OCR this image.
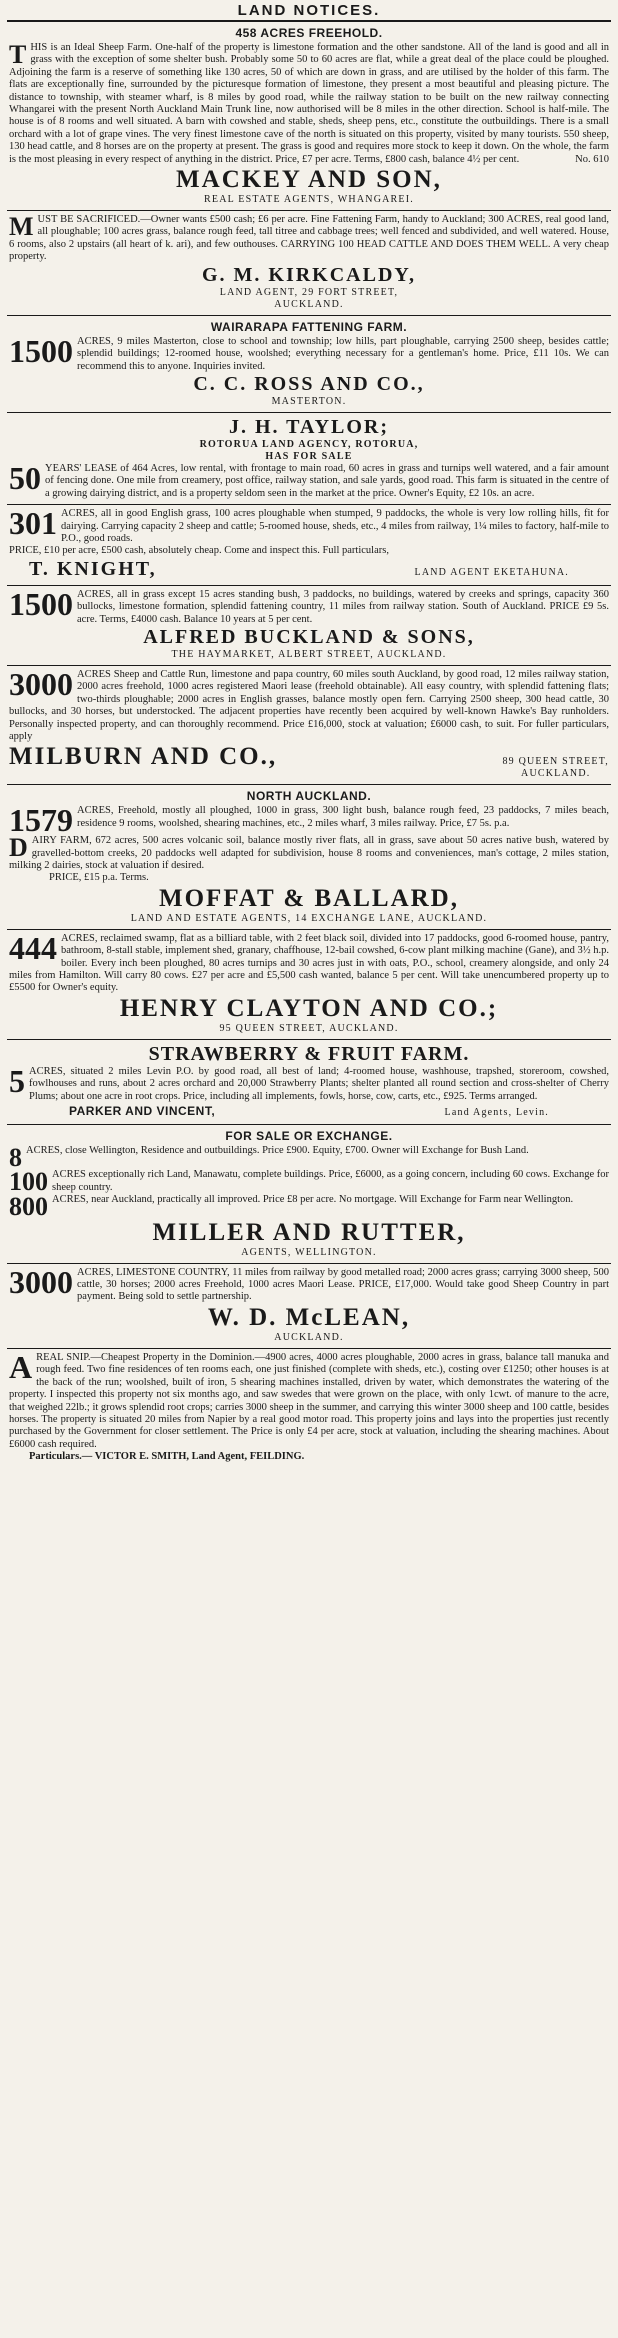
LAND NOTICES.
458 ACRES FREEHOLD.
T HIS is an Ideal Sheep Farm. One-half of the property is limestone formation and the other sandstone. All of the land is good and all in grass with the exception of some shelter bush. Probably some 50 to 60 acres are flat, while a great deal of the place could be ploughed. Adjoining the farm is a reserve of something like 130 acres, 50 of which are down in grass, and are utilised by the holder of this farm. The flats are exceptionally fine, surrounded by the picturesque formation of limestone, they present a most beautiful and pleasing picture. The distance to township, with steamer wharf, is 8 miles by good road, while the railway station to be built on the new railway connecting Whangarei with the present North Auckland Main Trunk line, now authorised will be 8 miles in the other direction. School is half-mile. The house is of 8 rooms and well situated. A barn with cowshed and stable, sheds, sheep pens, etc., constitute the outbuildings. There is a small orchard with a lot of grape vines. The very finest limestone cave of the north is situated on this property, visited by many tourists. 550 sheep, 130 head cattle, and 8 horses are on the property at present. The grass is good and requires more stock to keep it down. On the whole, the farm is the most pleasing in every respect of anything in the district. Price, £7 per acre. Terms, £800 cash, balance 4½ per cent.	No. 610
MACKEY AND SON,
REAL ESTATE AGENTS, WHANGAREI.
M UST BE SACRIFICED.—Owner wants £500 cash; £6 per acre. Fine Fattening Farm, handy to Auckland; 300 ACRES, real good land, all ploughable; 100 acres grass, balance rough feed, tall titree and cabbage trees; well fenced and subdivided, and well watered. House, 6 rooms, also 2 upstairs (all heart of k. ari), and few outhouses. CARRYING 100 HEAD CATTLE AND DOES THEM WELL. A very cheap property.
G. M. KIRKCALDY,
LAND AGENT, 29 FORT STREET,
AUCKLAND.
WAIRARAPA FATTENING FARM.
1500 ACRES, 9 miles Masterton, close to school and township; low hills, part ploughable, carrying 2500 sheep, besides cattle; splendid buildings; 12-roomed house, woolshed; everything necessary for a gentleman's home. Price, £11 10s. We can recommend this to anyone. Inquiries invited.
C. C. ROSS AND CO.,
MASTERTON.
J. H. TAYLOR;
ROTORUA LAND AGENCY, ROTORUA,
HAS FOR SALE
50 YEARS' LEASE of 464 Acres, low rental, with frontage to main road, 60 acres in grass and turnips well watered, and a fair amount of fencing done. One mile from creamery, post office, railway station, and sale yards, good road. This farm is situated in the centre of a growing dairying district, and is a property seldom seen in the market at the price. Owner's Equity, £2 10s. an acre.
301 ACRES, all in good English grass, 100 acres ploughable when stumped, 9 paddocks, the whole is very low rolling hills, fit for dairying. Carrying capacity 2 sheep and cattle; 5-roomed house, sheds, etc., 4 miles from railway, 1¼ miles to factory, half-mile to P.O., good roads.

PRICE, £10 per acre, £500 cash, absolutely cheap. Come and inspect this. Full particulars,

T. KNIGHT,	LAND AGENT EKETAHUNA.
1500 ACRES, all in grass except 15 acres standing bush, 3 paddocks, no buildings, watered by creeks and springs, capacity 360 bullocks, limestone formation, splendid fattening country, 11 miles from railway station. South of Auckland. PRICE £9 5s. acre. Terms, £4000 cash. Balance 10 years at 5 per cent.
ALFRED BUCKLAND & SONS,
THE HAYMARKET, ALBERT STREET, AUCKLAND.
3000 ACRES Sheep and Cattle Run, limestone and papa country, 60 miles south Auckland, by good road, 12 miles railway station, 2000 acres freehold, 1000 acres registered Maori lease (freehold obtainable). All easy country, with splendid fattening flats; two-thirds ploughable; 2000 acres in English grasses, balance mostly open fern. Carrying 2500 sheep, 300 head cattle, 30 bullocks, and 30 horses, but understocked. The adjacent properties have recently been acquired by well-known Hawke's Bay runholders. Personally inspected property, and can thoroughly recommend. Price £16,000, stock at valuation; £6000 cash, to suit. For fuller particulars, apply
MILBURN AND CO.,	89 QUEEN STREET,
AUCKLAND.
NORTH AUCKLAND.
1579 ACRES, Freehold, mostly all ploughed, 1000 in grass, 300 light bush, balance rough feed, 23 paddocks, 7 miles beach, residence 9 rooms, woolshed, shearing machines, etc., 2 miles wharf, 3 miles railway. Price, £7 5s. p.a.
D AIRY FARM, 672 acres, 500 acres volcanic soil, balance mostly river flats, all in grass, save about 50 acres native bush, watered by gravelled-bottom creeks, 20 paddocks well adapted for subdivision, house 8 rooms and conveniences, man's cottage, 2 miles station, milking 2 dairies, stock at valuation if desired.

PRICE, £15 p.a. Terms.

MOFFAT & BALLARD,
LAND AND ESTATE AGENTS, 14 EXCHANGE LANE, AUCKLAND.
444 ACRES, reclaimed swamp, flat as a billiard table, with 2 feet black soil, divided into 17 paddocks, good 6-roomed house, pantry, bathroom, 8-stall stable, implement shed, granary, chaffhouse, 12-bail cowshed, 6-cow plant milking machine (Gane), and 3½ h.p. boiler. Every inch been ploughed, 80 acres turnips and 30 acres just in with oats, P.O., school, creamery alongside, and only 24 miles from Hamilton. Will carry 80 cows. £27 per acre and £5,500 cash wanted, balance 5 per cent. Will take unencumbered property up to £5500 for Owner's equity.
HENRY CLAYTON AND CO.;
95 QUEEN STREET, AUCKLAND.
STRAWBERRY & FRUIT FARM.
5 ACRES, situated 2 miles Levin P.O. by good road, all best of land; 4-roomed house, washhouse, trapshed, storeroom, cowshed, fowlhouses and runs, about 2 acres orchard and 20,000 Strawberry Plants; shelter planted all round section and cross-shelter of Cherry Plums; about one acre in root crops. Price, including all implements, fowls, horse, cow, carts, etc., £925. Terms arranged.
PARKER AND VINCENT,	Land Agents, Levin.
FOR SALE OR EXCHANGE.
8 ACRES, close Wellington, Residence and outbuildings. Price £900. Equity, £700. Owner will Exchange for Bush Land.
100 ACRES exceptionally rich Land, Manawatu, complete buildings. Price, £6000, as a going concern, including 60 cows. Exchange for sheep country.
800 ACRES, near Auckland, practically all improved. Price £8 per acre. No mortgage. Will Exchange for Farm near Wellington.
MILLER AND RUTTER,
AGENTS, WELLINGTON.
3000 ACRES, LIMESTONE COUNTRY, 11 miles from railway by good metalled road; 2000 acres grass; carrying 3000 sheep, 500 cattle, 30 horses; 2000 acres Freehold, 1000 acres Maori Lease. PRICE, £17,000. Would take good Sheep Country in part payment. Being sold to settle partnership.
W. D. McLEAN,
AUCKLAND.
A REAL SNIP.—Cheapest Property in the Dominion.—4900 acres, 4000 acres ploughable, 2000 acres in grass, balance tall manuka and rough feed. Two fine residences of ten rooms each, one just finished (complete with sheds, etc.), costing over £1250; other houses is at the back of the run; woolshed, built of iron, 5 shearing machines installed, driven by water, which demonstrates the watering of the property. I inspected this property not six months ago, and saw swedes that were grown on the place, with only 1cwt. of manure to the acre, that weighed 22lb.; it grows splendid root crops; carries 3000 sheep in the summer, and carrying this winter 3000 sheep and 100 cattle, besides horses. The property is situated 20 miles from Napier by a real good motor road. This property joins and lays into the properties just recently purchased by the Government for closer settlement. The Price is only £4 per acre, stock at valuation, including the shearing machines. About £6000 cash required.

Particulars.— VICTOR E. SMITH, Land Agent, FEILDING.
